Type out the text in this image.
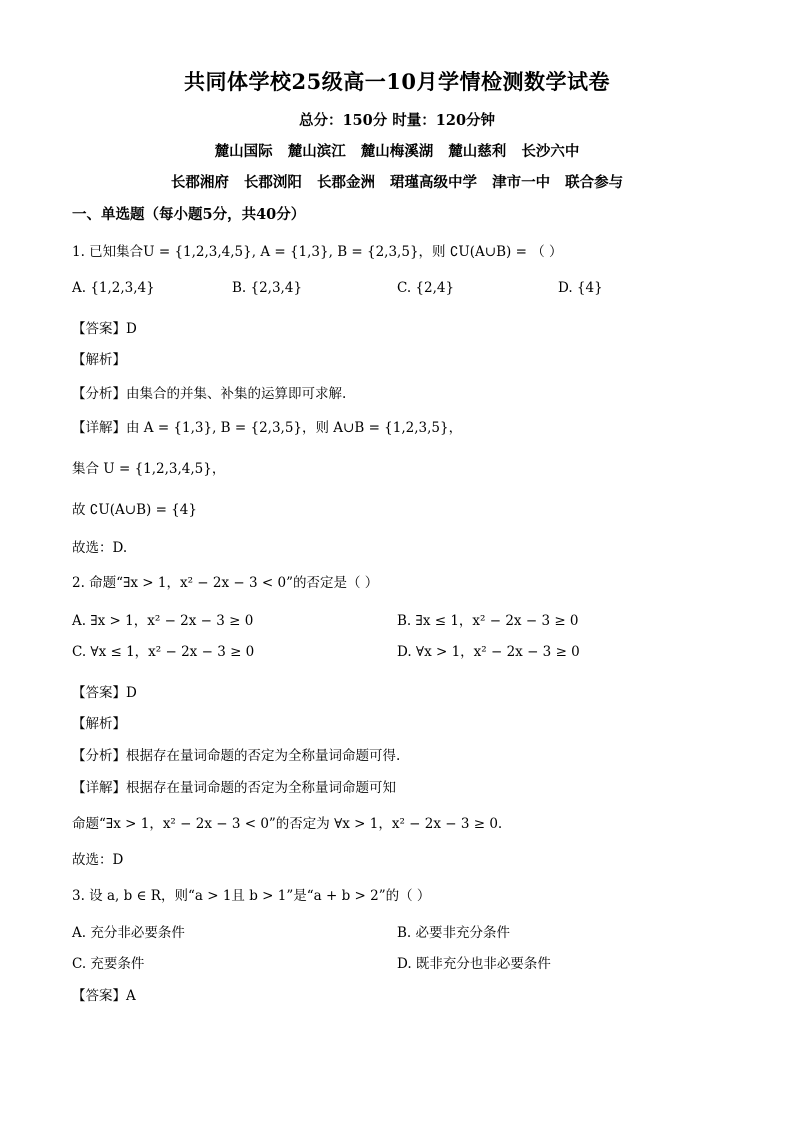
共同体学校25级高一10月学情检测数学试卷
总分：150分 时量：120分钟
麓山国际 麓山滨江 麓山梅溪湖 麓山慈利 长沙六中
长郡湘府 长郡浏阳 长郡金洲 珺瑾高级中学 津市一中 联合参与
一、单选题（每小题5分，共40分）
1. 已知集合U = {1,2,3,4,5}, A = {1,3}, B = {2,3,5}，则 ∁U(A∪B) = （ ）
A. {1,2,3,4}	B. {2,3,4}	C. {2,4}	D. {4}
【答案】D
【解析】
【分析】由集合的并集、补集的运算即可求解.
【详解】由 A = {1,3}, B = {2,3,5}，则 A∪B = {1,2,3,5}，
集合 U = {1,2,3,4,5}，
故 ∁U(A∪B) = {4}
故选：D.
2. 命题“∃x > 1，x² − 2x − 3 < 0”的否定是（ ）
A. ∃x > 1，x² − 2x − 3 ≥ 0	B. ∃x ≤ 1，x² − 2x − 3 ≥ 0
C. ∀x ≤ 1，x² − 2x − 3 ≥ 0	D. ∀x > 1，x² − 2x − 3 ≥ 0
【答案】D
【解析】
【分析】根据存在量词命题的否定为全称量词命题可得.
【详解】根据存在量词命题的否定为全称量词命题可知
命题“∃x > 1，x² − 2x − 3 < 0”的否定为 ∀x > 1，x² − 2x − 3 ≥ 0.
故选：D
3. 设 a, b ∈ R，则“a > 1且 b > 1”是“a + b > 2”的（ ）
A. 充分非必要条件	B. 必要非充分条件
C. 充要条件	D. 既非充分也非必要条件
【答案】A
